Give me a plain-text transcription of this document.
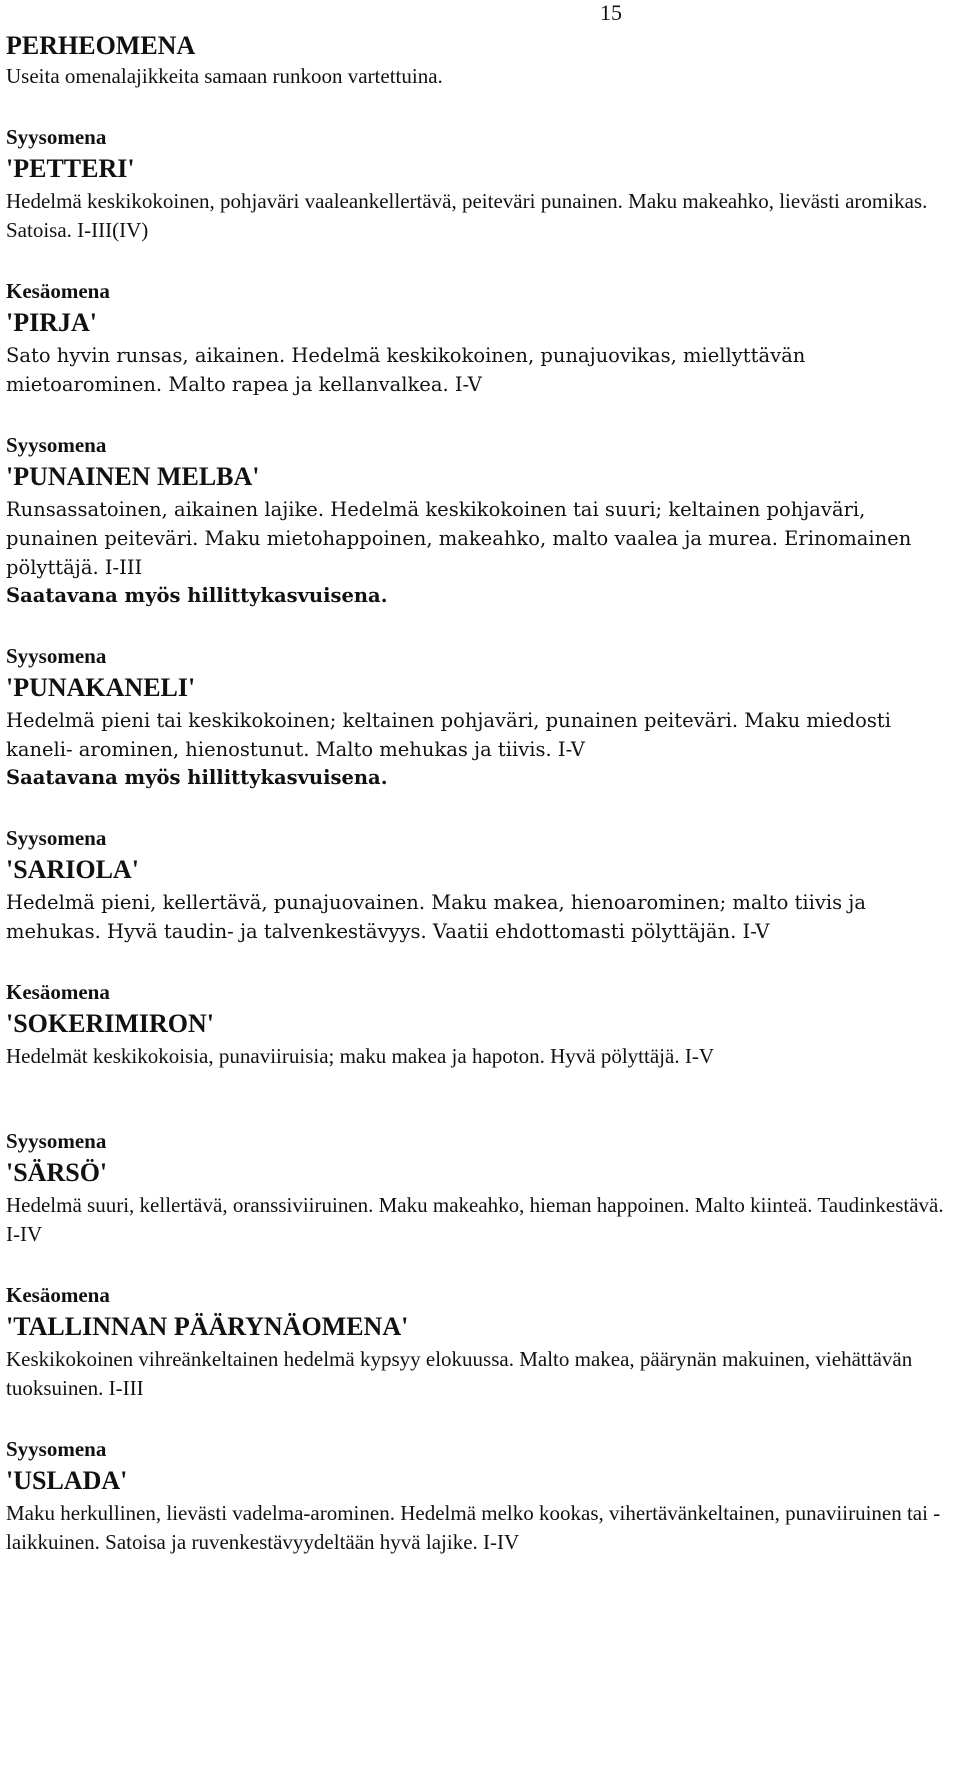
15
PERHEOMENA
Useita omenalajikkeita samaan runkoon vartettuina.
Syysomena
'PETTERI'
Hedelmä keskikokoinen, pohjaväri vaaleankellertävä, peiteväri punainen. Maku makeahko, lievästi aromikas. Satoisa. I-III(IV)
Kesäomena
'PIRJA'
Sato hyvin runsas, aikainen. Hedelmä keskikokoinen, punajuovikas, miellyttävän mietoarominen. Malto rapea ja kellanvalkea. I-V
Syysomena
'PUNAINEN MELBA'
Runsassatoinen, aikainen lajike. Hedelmä keskikokoinen tai suuri; keltainen pohjaväri, punainen peiteväri. Maku mietohappoinen, makeahko, malto vaalea ja murea. Erinomainen pölyttäjä. I-III
Saatavana myös hillittykasvuisena.
Syysomena
'PUNAKANELI'
Hedelmä pieni tai keskikokoinen; keltainen pohjaväri, punainen peiteväri. Maku miedosti kaneli- arominen, hienostunut. Malto mehukas ja tiivis. I-V
Saatavana myös hillittykasvuisena.
Syysomena
'SARIOLA'
Hedelmä pieni, kellertävä, punajuovainen. Maku makea, hienoarominen; malto tiivis ja mehukas. Hyvä taudin- ja talvenkestävyys. Vaatii ehdottomasti pölyttäjän. I-V
Kesäomena
'SOKERIMIRON'
Hedelmät keskikokoisia, punaviiruisia; maku makea ja hapoton. Hyvä pölyttäjä. I-V
Syysomena
'SÄRSÖ'
Hedelmä suuri, kellertävä, oranssiviiruinen. Maku makeahko, hieman happoinen. Malto kiinteä. Taudinkestävä. I-IV
Kesäomena
'TALLINNAN PÄÄRYNÄOMENA'
Keskikokoinen vihreänkeltainen hedelmä kypsyy elokuussa. Malto makea, päärynän makuinen, viehättävän tuoksuinen. I-III
Syysomena
'USLADA'
Maku herkullinen, lievästi vadelma-arominen. Hedelmä melko kookas, vihertävänkeltainen, punaviiruinen tai -laikkuinen. Satoisa ja ruvenkestävyydeltään hyvä lajike. I-IV
